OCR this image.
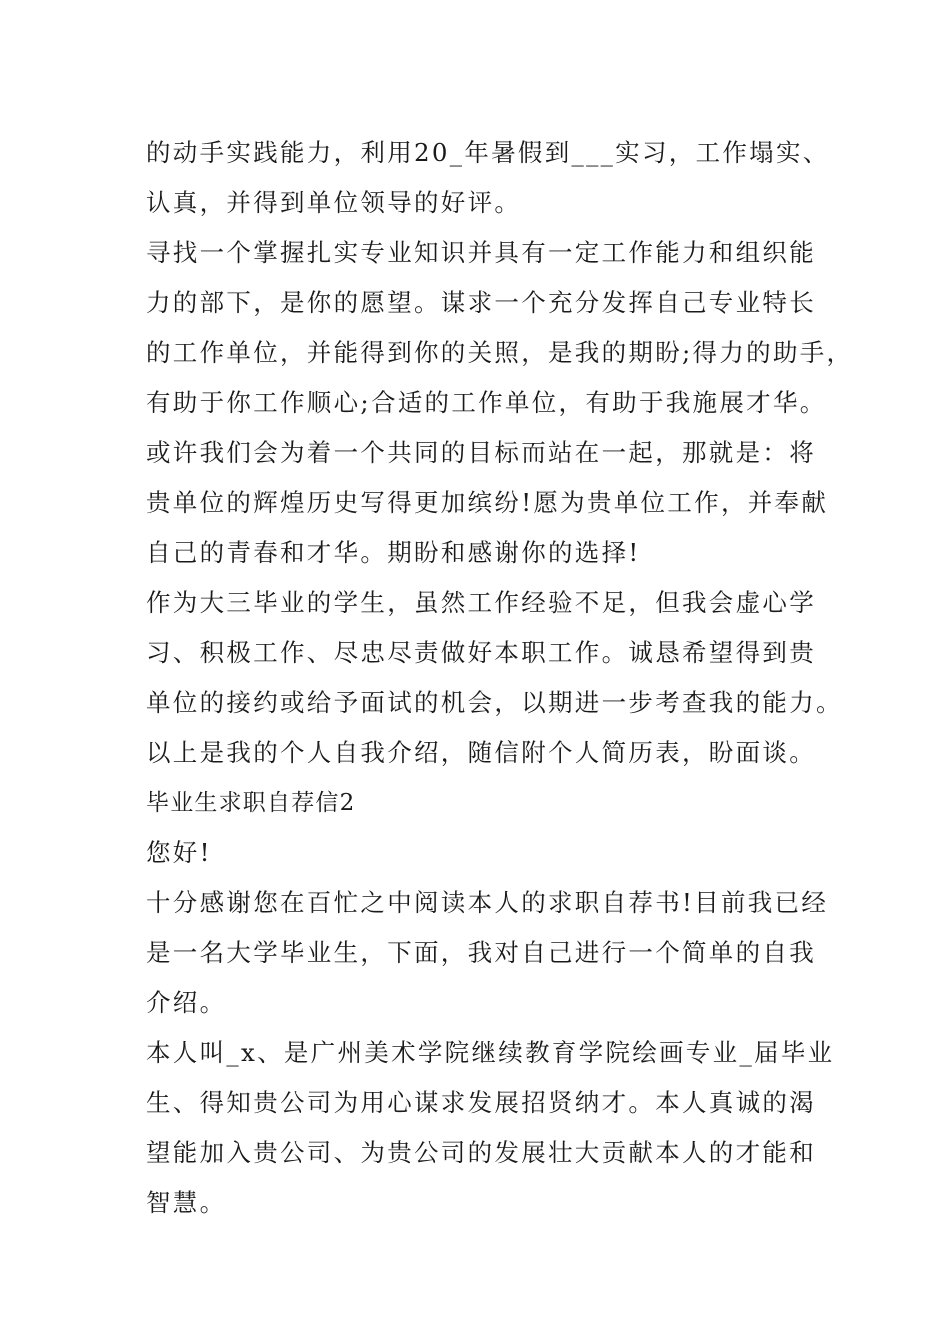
的动手实践能力，利用20_年暑假到___实习，工作塌实、
认真，并得到单位领导的好评。
寻找一个掌握扎实专业知识并具有一定工作能力和组织能
力的部下，是你的愿望。谋求一个充分发挥自己专业特长
的工作单位，并能得到你的关照，是我的期盼;得力的助手，
有助于你工作顺心;合适的工作单位，有助于我施展才华。
或许我们会为着一个共同的目标而站在一起，那就是：将
贵单位的辉煌历史写得更加缤纷!愿为贵单位工作，并奉献
自己的青春和才华。期盼和感谢你的选择!
作为大三毕业的学生，虽然工作经验不足，但我会虚心学
习、积极工作、尽忠尽责做好本职工作。诚恳希望得到贵
单位的接约或给予面试的机会，以期进一步考查我的能力。
以上是我的个人自我介绍，随信附个人简历表，盼面谈。
毕业生求职自荐信2
您好!
十分感谢您在百忙之中阅读本人的求职自荐书!目前我已经
是一名大学毕业生，下面，我对自己进行一个简单的自我
介绍。
本人叫_x、是广州美术学院继续教育学院绘画专业_届毕业
生、得知贵公司为用心谋求发展招贤纳才。本人真诚的渴
望能加入贵公司、为贵公司的发展壮大贡献本人的才能和
智慧。
